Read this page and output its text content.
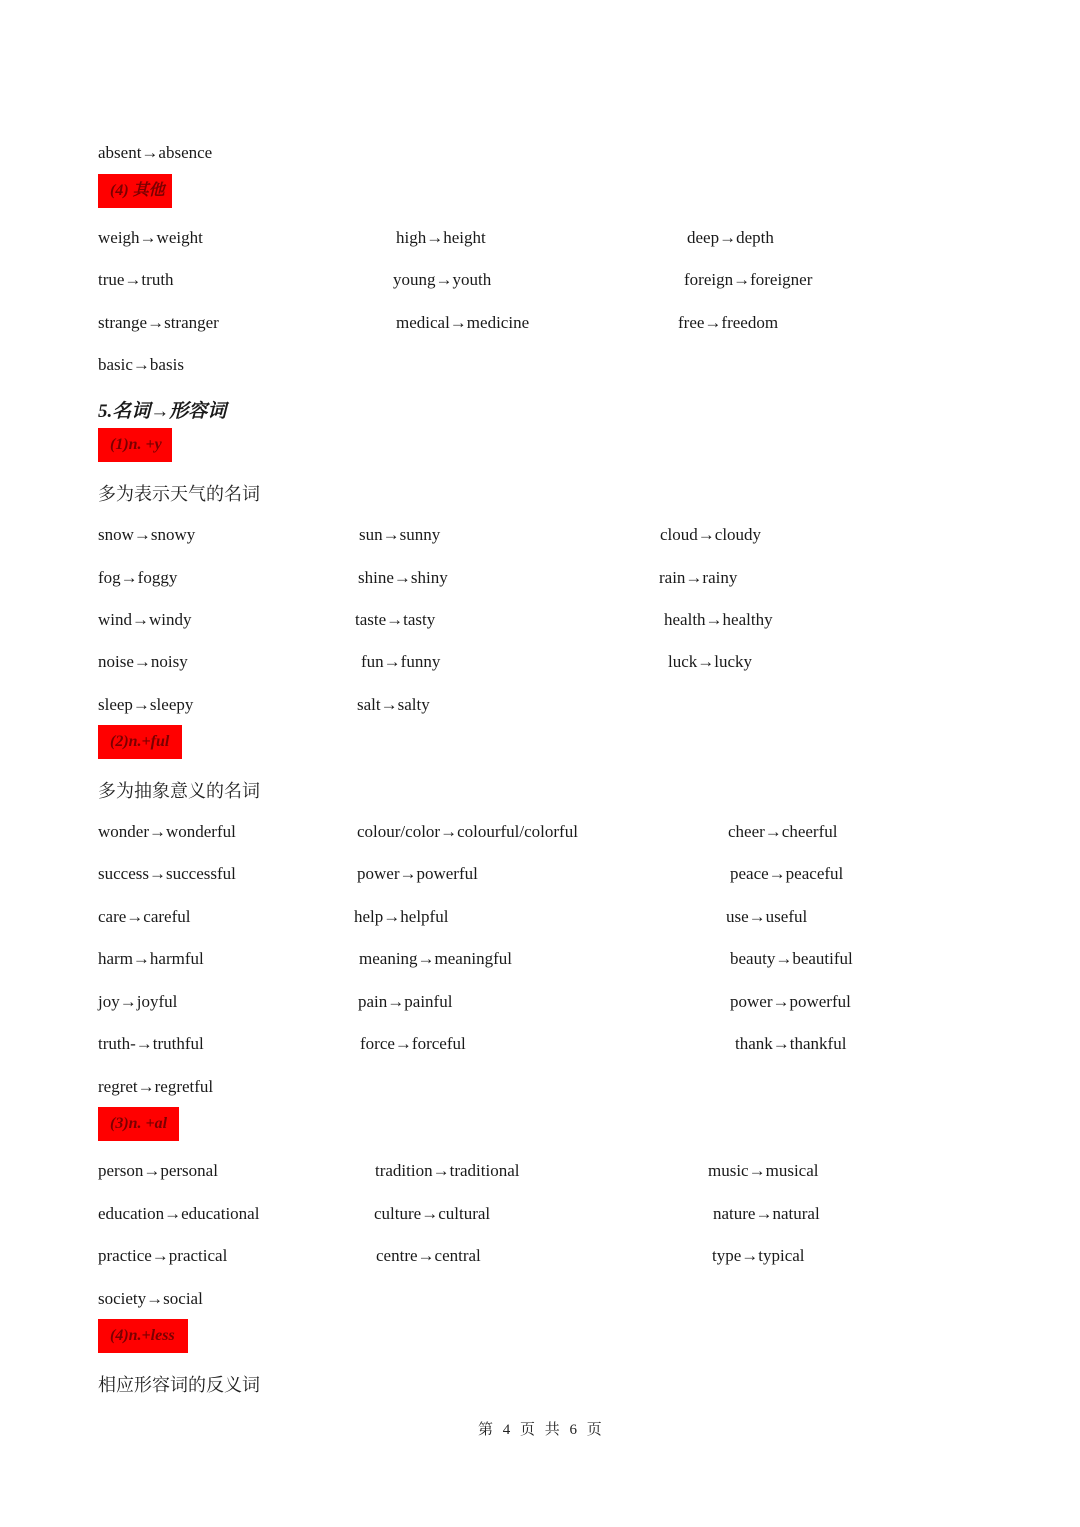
absent→absence
(4) 其他
weigh→weight	high→height	deep→depth
true→truth	young→youth	foreign→foreigner
strange→stranger	medical→medicine	free→freedom
basic→basis
5.名词→形容词
(1)n. +y
多为表示天气的名词
snow→snowy	sun→sunny	cloud→cloudy
fog→foggy	shine→shiny	rain→rainy
wind→windy	taste→tasty	health→healthy
noise→noisy	fun→funny	luck→lucky
sleep→sleepy	salt→salty
(2)n.+ful
多为抽象意义的名词
wonder→wonderful	colour/color→colourful/colorful	cheer→cheerful
success→successful	power→powerful	peace→peaceful
care→careful	help→helpful	use→useful
harm→harmful	meaning→meaningful	beauty→beautiful
joy→joyful	pain→painful	power→powerful
truth-→truthful	force→forceful	thank→thankful
regret→regretful
(3)n. +al
person→personal	tradition→traditional	music→musical
education→educational	culture→cultural	nature→natural
practice→practical	centre→central	type→typical
society→social
(4)n.+less
相应形容词的反义词
第 4 页 共 6 页
